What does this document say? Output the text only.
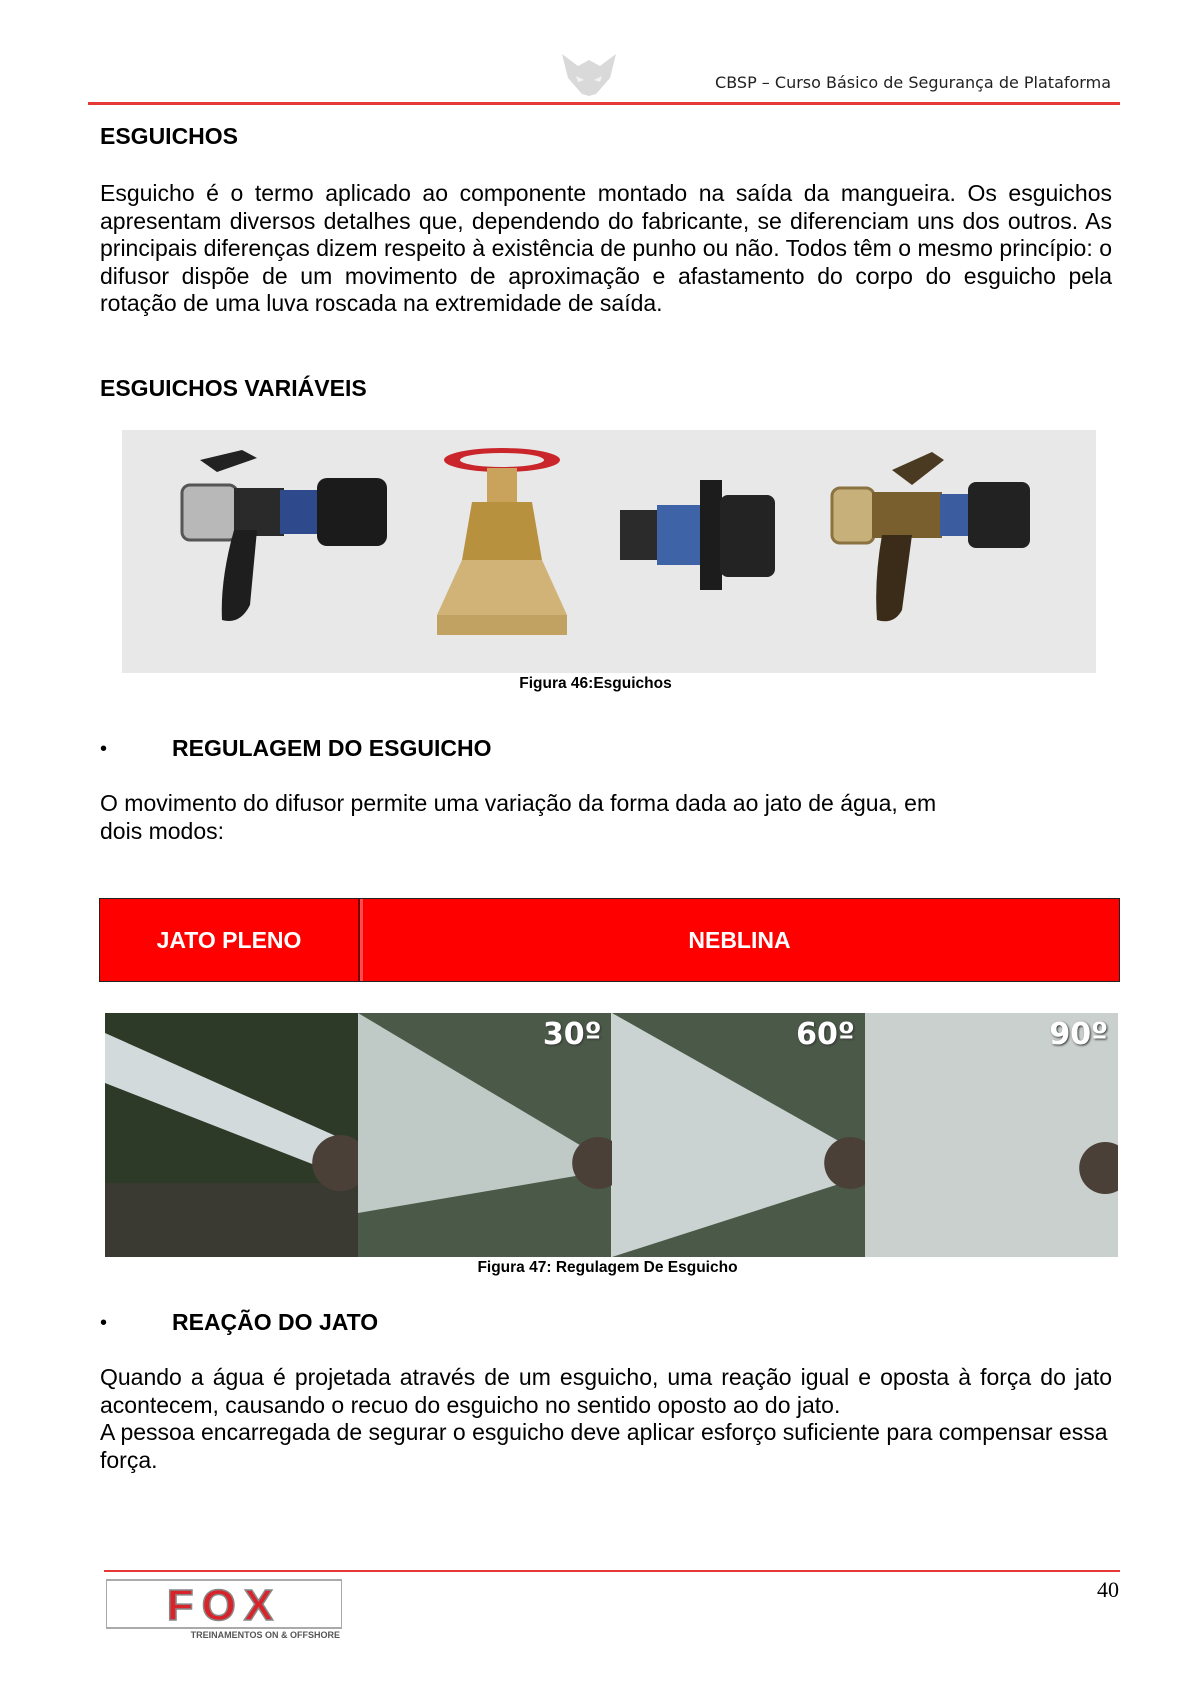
CBSP – Curso Básico de Segurança de Plataforma
ESGUICHOS
Esguicho é o termo aplicado ao componente montado na saída da mangueira. Os esguichos apresentam diversos detalhes que, dependendo do fabricante, se diferenciam uns dos outros. As principais diferenças dizem respeito à existência de punho ou não. Todos têm o mesmo princípio: o difusor dispõe de um movimento de aproximação e afastamento do corpo do esguicho pela rotação de uma luva roscada na extremidade de saída.
ESGUICHOS VARIÁVEIS
Figura 46:Esguichos
•	REGULAGEM DO ESGUICHO
O movimento do difusor permite uma variação da forma dada ao jato de água, em
dois modos:
JATO PLENO	NEBLINA
30º	60º	90º
Figura 47: Regulagem De Esguicho
•	REAÇÃO DO JATO
Quando a água é projetada através de um esguicho, uma reação igual e oposta à força do jato acontecem, causando o recuo do esguicho no sentido oposto ao do jato.
A pessoa encarregada de segurar o esguicho deve aplicar esforço suficiente para compensar essa força.
40
FOX
TREINAMENTOS ON & OFFSHORE
